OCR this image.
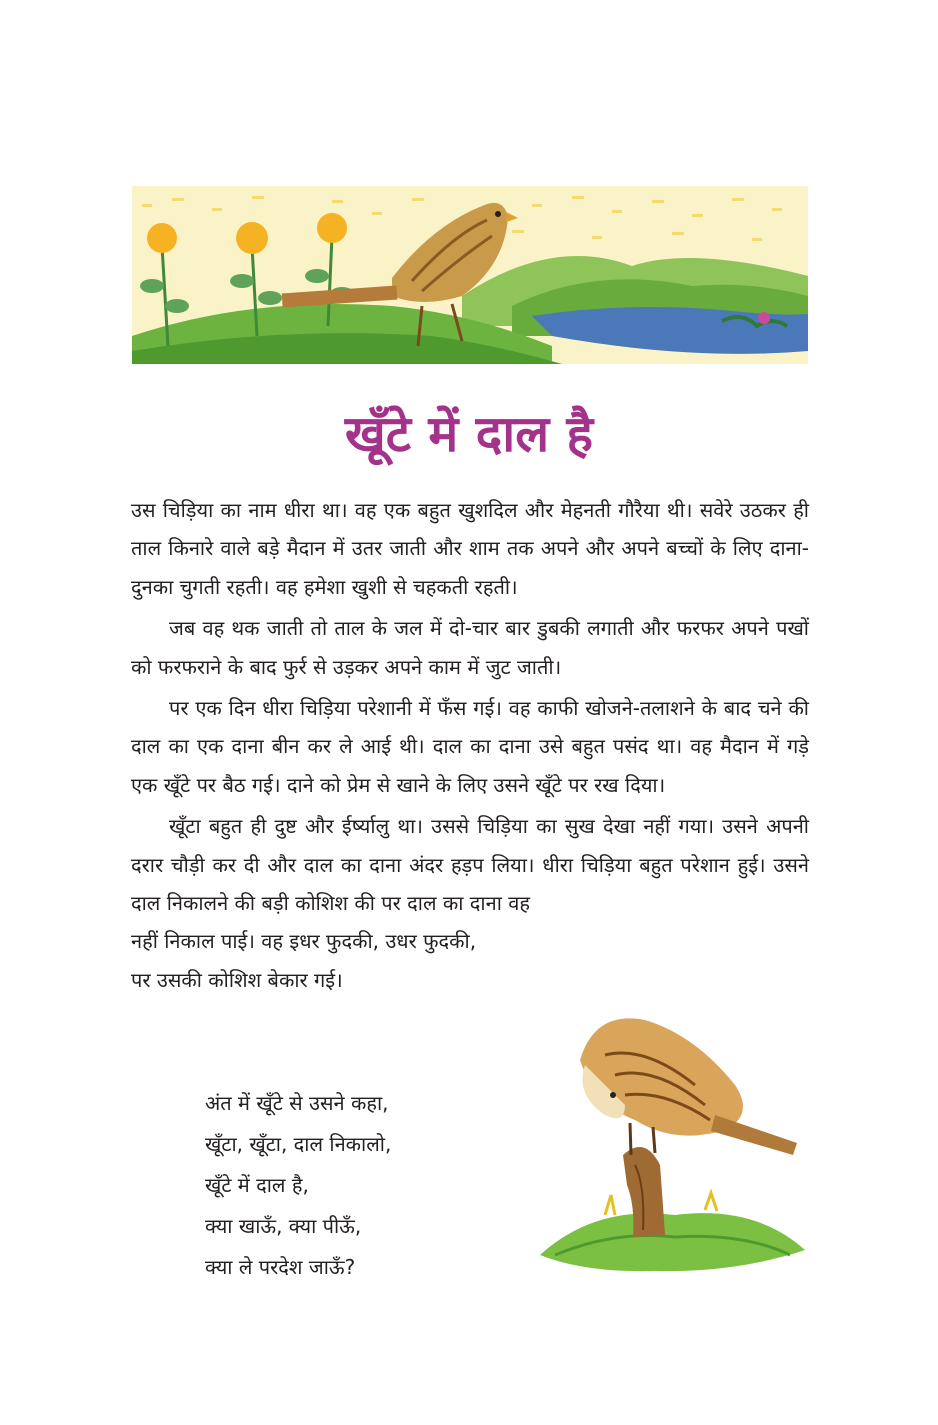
खूँटे में दाल है

उस चिड़िया का नाम धीरा था। वह एक बहुत खुशदिल और मेहनती गौरैया थी। सवेरे उठकर ही ताल किनारे वाले बड़े मैदान में उतर जाती और शाम तक अपने और अपने बच्चों के लिए दाना-दुनका चुगती रहती। वह हमेशा खुशी से चहकती रहती।

जब वह थक जाती तो ताल के जल में दो-चार बार डुबकी लगाती और फरफर अपने पखों को फरफराने के बाद फुर्र से उड़कर अपने काम में जुट जाती।

पर एक दिन धीरा चिड़िया परेशानी में फँस गई। वह काफी खोजने-तलाशने के बाद चने की दाल का एक दाना बीन कर ले आई थी। दाल का दाना उसे बहुत पसंद था। वह मैदान में गड़े एक खूँटे पर बैठ गई। दाने को प्रेम से खाने के लिए उसने खूँटे पर रख दिया।

खूँटा बहुत ही दुष्ट और ईर्ष्यालु था। उससे चिड़िया का सुख देखा नहीं गया। उसने अपनी दरार चौड़ी कर दी और दाल का दाना अंदर हड़प लिया। धीरा चिड़िया बहुत परेशान हुई। उसने दाल निकालने की बड़ी कोशिश की पर दाल का दाना वह

नहीं निकाल पाई। वह इधर फुदकी, उधर फुदकी,
पर उसकी कोशिश बेकार गई।
अंत में खूँटे से उसने कहा,
खूँटा, खूँटा, दाल निकालो,
खूँटे में दाल है,
क्या खाऊँ, क्या पीऊँ,
क्या ले परदेश जाऊँ?
